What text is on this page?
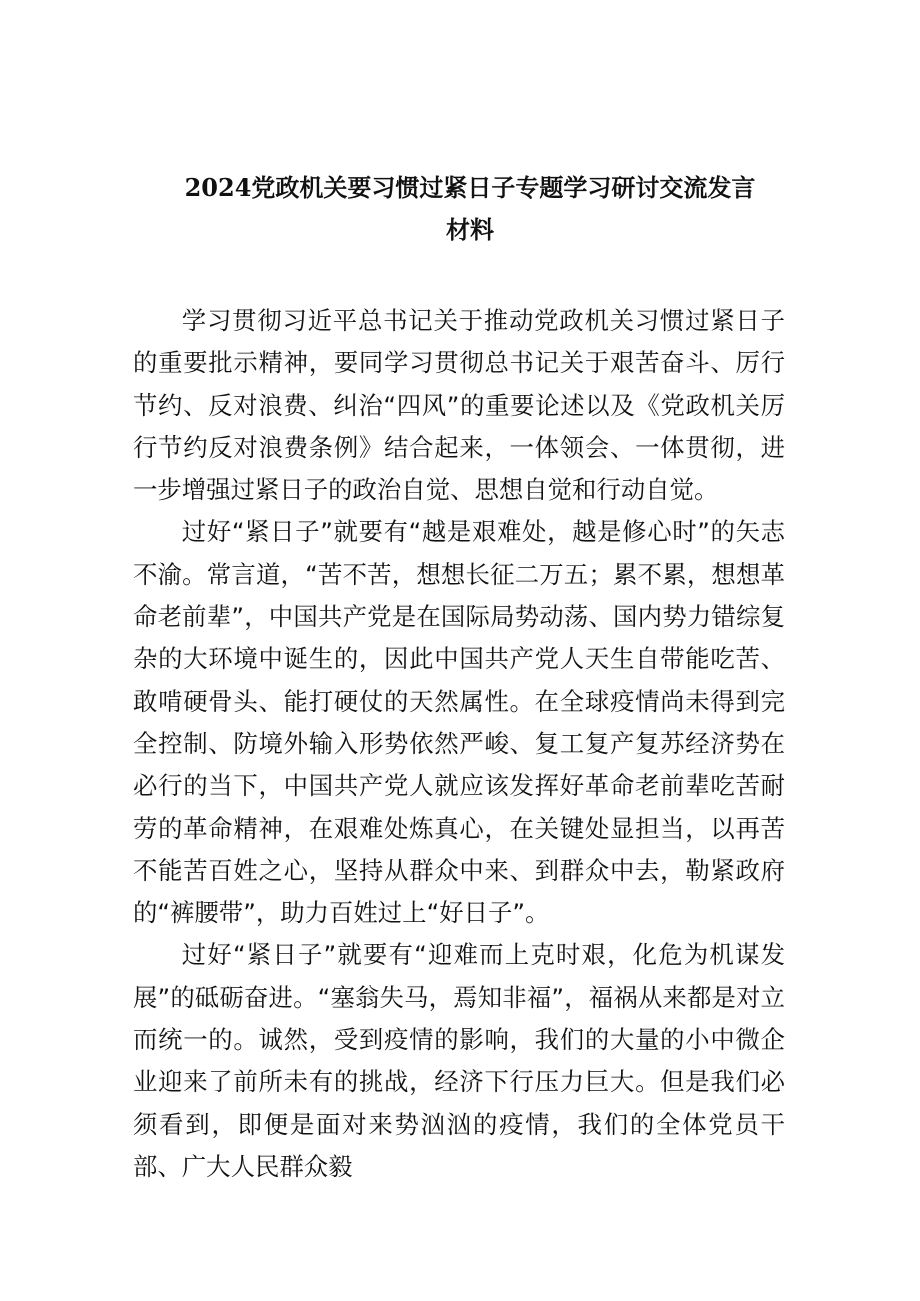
2024党政机关要习惯过紧日子专题学习研讨交流发言
材料

学习贯彻习近平总书记关于推动党政机关习惯过紧日子的重要批示精神，要同学习贯彻总书记关于艰苦奋斗、厉行节约、反对浪费、纠治“四风”的重要论述以及《党政机关厉行节约反对浪费条例》结合起来，一体领会、一体贯彻，进一步增强过紧日子的政治自觉、思想自觉和行动自觉。

过好“紧日子”就要有“越是艰难处，越是修心时”的矢志不渝。常言道，“苦不苦，想想长征二万五；累不累，想想革命老前辈”，中国共产党是在国际局势动荡、国内势力错综复杂的大环境中诞生的，因此中国共产党人天生自带能吃苦、敢啃硬骨头、能打硬仗的天然属性。在全球疫情尚未得到完全控制、防境外输入形势依然严峻、复工复产复苏经济势在必行的当下，中国共产党人就应该发挥好革命老前辈吃苦耐劳的革命精神，在艰难处炼真心，在关键处显担当，以再苦不能苦百姓之心，坚持从群众中来、到群众中去，勒紧政府的“裤腰带”，助力百姓过上“好日子”。

过好“紧日子”就要有“迎难而上克时艰，化危为机谋发展”的砥砺奋进。“塞翁失马，焉知非福”，福祸从来都是对立而统一的。诚然，受到疫情的影响，我们的大量的小中微企业迎来了前所未有的挑战，经济下行压力巨大。但是我们必须看到，即便是面对来势汹汹的疫情，我们的全体党员干部、广大人民群众毅
